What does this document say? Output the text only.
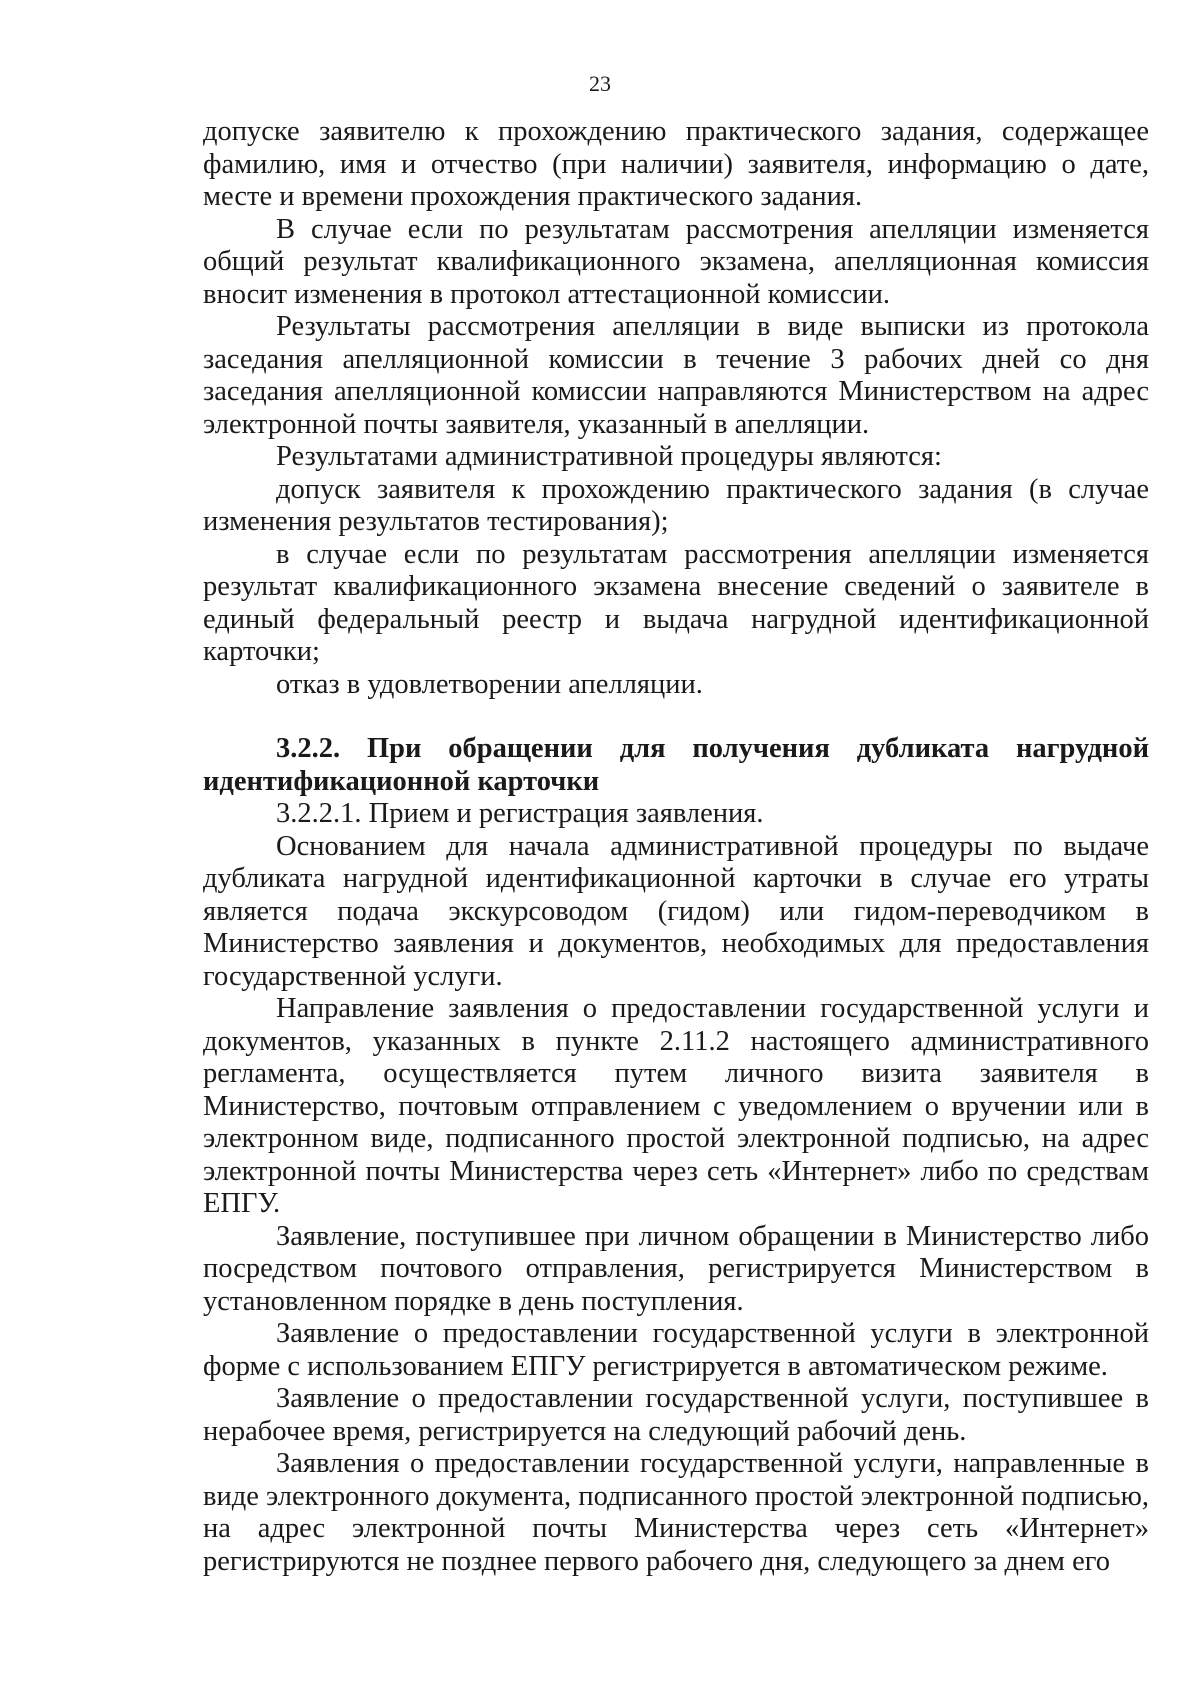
23

допуске заявителю к прохождению практического задания, содержащее фамилию, имя и отчество (при наличии) заявителя, информацию о дате, месте и времени прохождения практического задания.

В случае если по результатам рассмотрения апелляции изменяется общий результат квалификационного экзамена, апелляционная комиссия вносит изменения в протокол аттестационной комиссии.

Результаты рассмотрения апелляции в виде выписки из протокола заседания апелляционной комиссии в течение 3 рабочих дней со дня заседания апелляционной комиссии направляются Министерством на адрес электронной почты заявителя, указанный в апелляции.

Результатами административной процедуры являются:

допуск заявителя к прохождению практического задания (в случае изменения результатов тестирования);

в случае если по результатам рассмотрения апелляции изменяется результат квалификационного экзамена внесение сведений о заявителе в единый федеральный реестр и выдача нагрудной идентификационной карточки;

отказ в удовлетворении апелляции.

3.2.2. При обращении для получения дубликата нагрудной идентификационной карточки

3.2.2.1. Прием и регистрация заявления.

Основанием для начала административной процедуры по выдаче дубликата нагрудной идентификационной карточки в случае его утраты является подача экскурсоводом (гидом) или гидом-переводчиком в Министерство заявления и документов, необходимых для предоставления государственной услуги.

Направление заявления о предоставлении государственной услуги и документов, указанных в пункте 2.11.2 настоящего административного регламента, осуществляется путем личного визита заявителя в Министерство, почтовым отправлением с уведомлением о вручении или в электронном виде, подписанного простой электронной подписью, на адрес электронной почты Министерства через сеть «Интернет» либо по средствам ЕПГУ.

Заявление, поступившее при личном обращении в Министерство либо посредством почтового отправления, регистрируется Министерством в установленном порядке в день поступления.

Заявление о предоставлении государственной услуги в электронной форме с использованием ЕПГУ регистрируется в автоматическом режиме.

Заявление о предоставлении государственной услуги, поступившее в нерабочее время, регистрируется на следующий рабочий день.

Заявления о предоставлении государственной услуги, направленные в виде электронного документа, подписанного простой электронной подписью, на адрес электронной почты Министерства через сеть «Интернет» регистрируются не позднее первого рабочего дня, следующего за днем его
